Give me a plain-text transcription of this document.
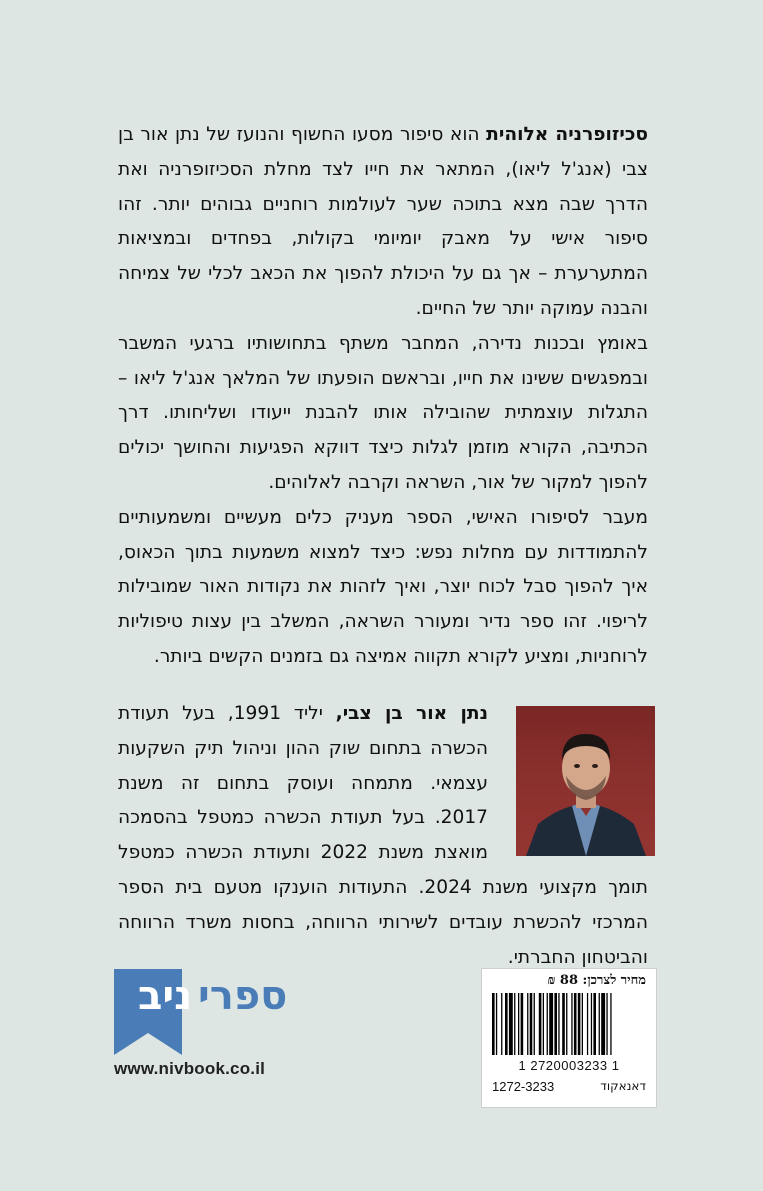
סכיזופרניה אלוהית הוא סיפור מסעו החשוף והנועז של נתן אור בן צבי (אנג'ל ליאו), המתאר את חייו לצד מחלת הסכיזופרניה ואת הדרך שבה מצא בתוכה שער לעולמות רוחניים גבוהים יותר. זהו סיפור אישי על מאבק יומיומי בקולות, בפחדים ובמציאות המתערערת – אך גם על היכולת להפוך את הכאב לכלי של צמיחה והבנה עמוקה יותר של החיים.

באומץ ובכנות נדירה, המחבר משתף בתחושותיו ברגעי המשבר ובמפגשים ששינו את חייו, ובראשם הופעתו של המלאך אנג'ל ליאו – התגלות עוצמתית שהובילה אותו להבנת ייעודו ושליחותו. דרך הכתיבה, הקורא מוזמן לגלות כיצד דווקא הפגיעות והחושך יכולים להפוך למקור של אור, השראה וקרבה לאלוהים.

מעבר לסיפורו האישי, הספר מעניק כלים מעשיים ומשמעותיים להתמודדות עם מחלות נפש: כיצד למצוא משמעות בתוך הכאוס, איך להפוך סבל לכוח יוצר, ואיך לזהות את נקודות האור שמובילות לריפוי. זהו ספר נדיר ומעורר השראה, המשלב בין עצות טיפוליות לרוחניות, ומציע לקורא תקווה אמיצה גם בזמנים הקשים ביותר.

נתן אור בן צבי, יליד 1991, בעל תעודת הכשרה בתחום שוק ההון וניהול תיק השקעות עצמאי. מתמחה ועוסק בתחום זה משנת 2017. בעל תעודת הכשרה כמטפל בהסמכה מואצת משנת 2022 ותעודת הכשרה כמטפל תומך מקצועי משנת 2024. התעודות הוענקו מטעם בית הספר המרכזי להכשרת עובדים לשירותי הרווחה, בחסות משרד הרווחה והביטחון החברתי.

ניב ספרי
www.nivbook.co.il
מחיר לצרכן: 88 ₪
1 2720003233 1
1272-3233	דאנאקוד
